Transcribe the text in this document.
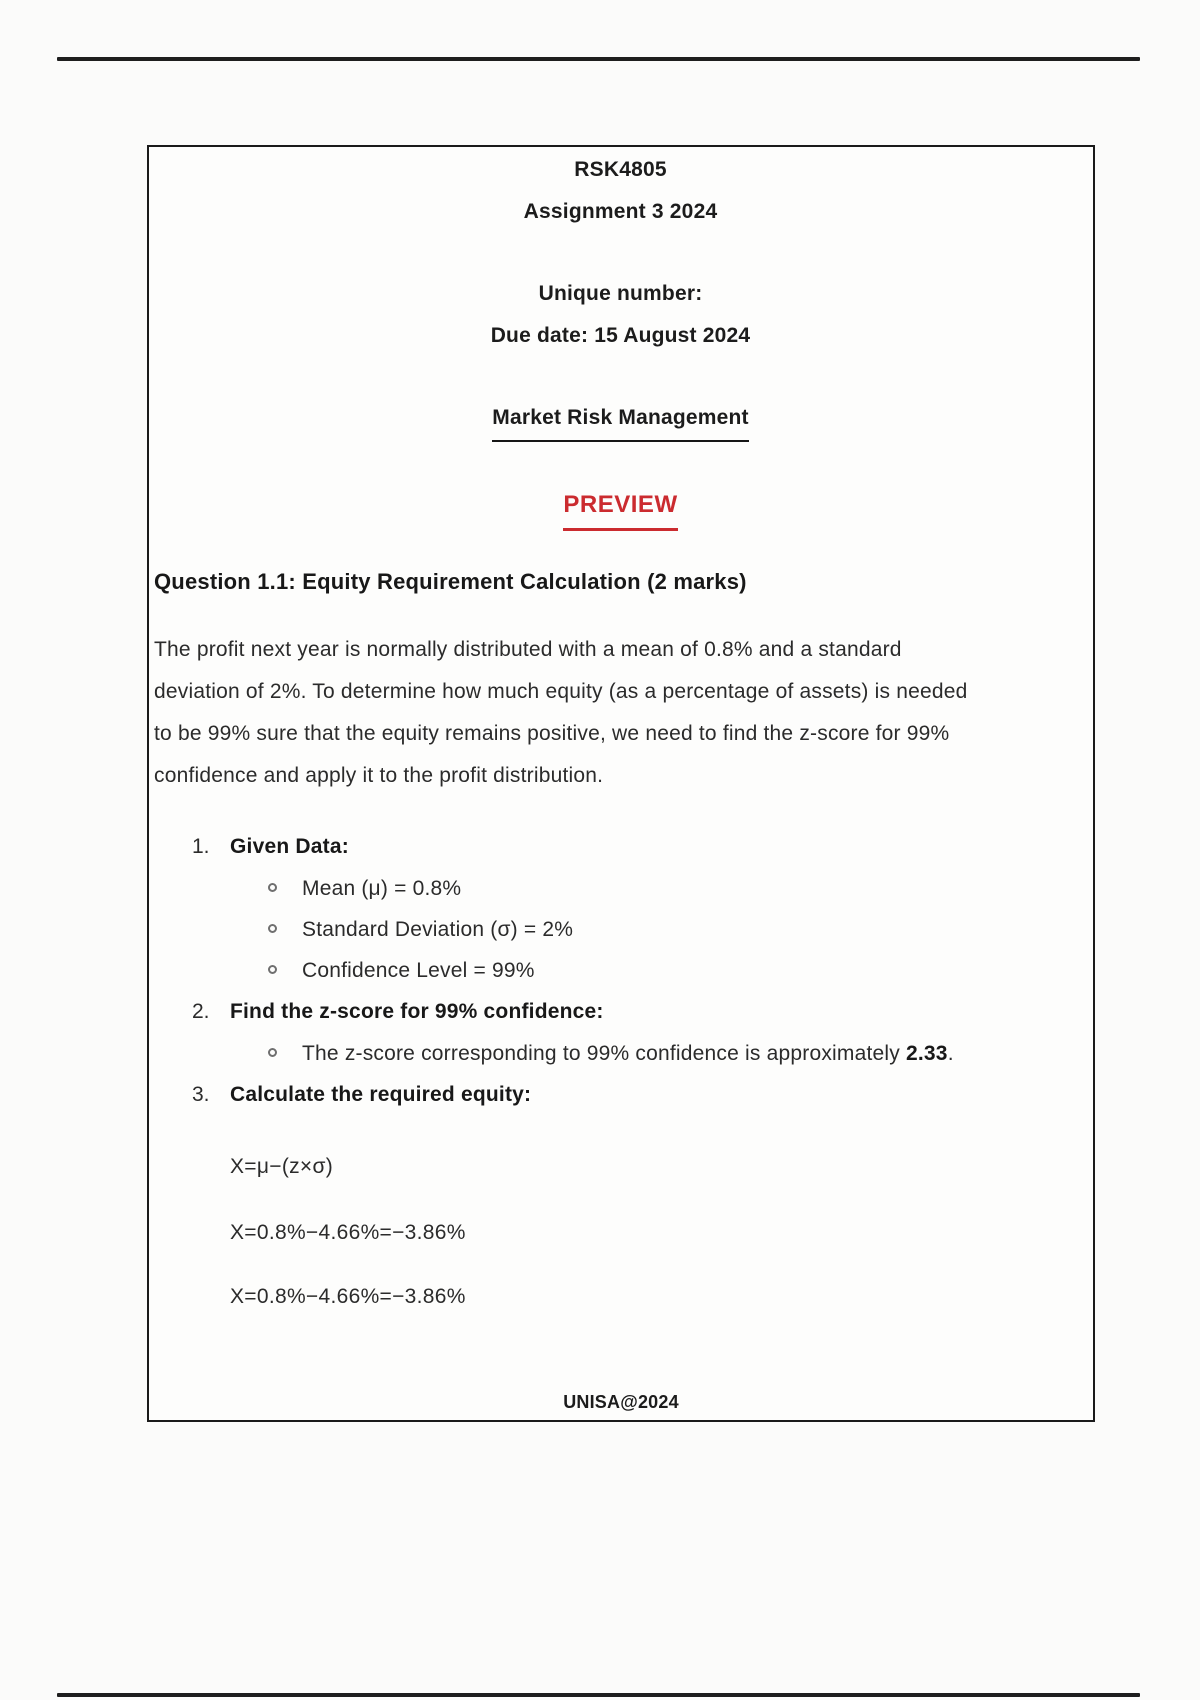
RSK4805
Assignment 3 2024
Unique number:
Due date: 15 August 2024
Market Risk Management
PREVIEW
Question 1.1: Equity Requirement Calculation (2 marks)
The profit next year is normally distributed with a mean of 0.8% and a standard
deviation of 2%. To determine how much equity (as a percentage of assets) is needed
to be 99% sure that the equity remains positive, we need to find the z-score for 99%
confidence and apply it to the profit distribution.
1. Given Data:
Mean (μ) = 0.8%
Standard Deviation (σ) = 2%
Confidence Level = 99%
2. Find the z-score for 99% confidence:
The z-score corresponding to 99% confidence is approximately 2.33.
3. Calculate the required equity:
X=μ−(z×σ)
X=0.8%−4.66%=−3.86%
X=0.8%−4.66%=−3.86%
UNISA@2024
